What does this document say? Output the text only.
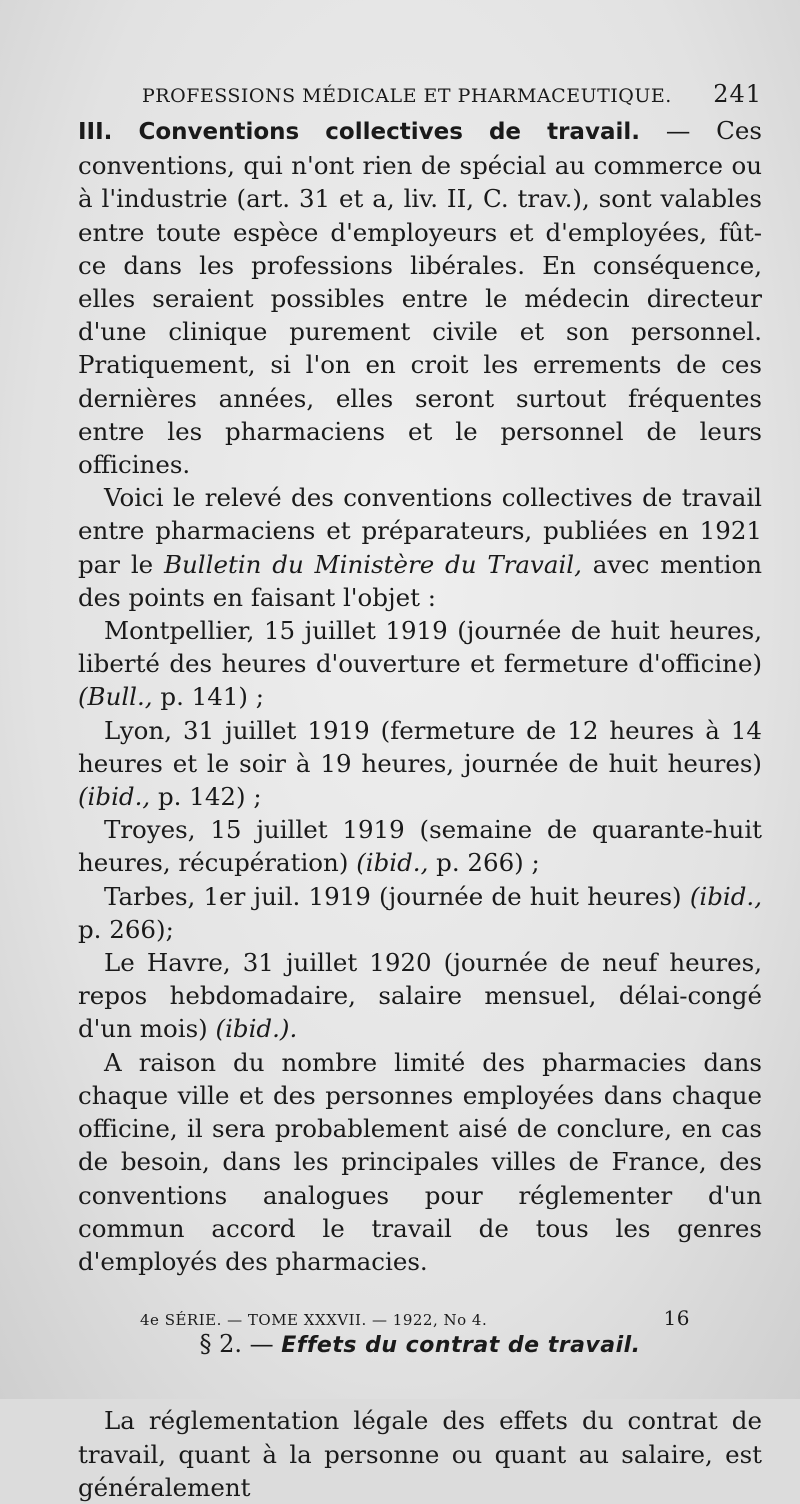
PROFESSIONS MÉDICALE ET PHARMACEUTIQUE. 241

III. Conventions collectives de travail. — Ces conventions, qui n'ont rien de spécial au commerce ou à l'industrie (art. 31 et a, liv. II, C. trav.), sont valables entre toute espèce d'employeurs et d'employées, fût-ce dans les professions libérales. En conséquence, elles seraient possibles entre le médecin directeur d'une clinique purement civile et son personnel. Pratiquement, si l'on en croit les errements de ces dernières années, elles seront surtout fréquentes entre les pharmaciens et le personnel de leurs officines.

Voici le relevé des conventions collectives de travail entre pharmaciens et préparateurs, publiées en 1921 par le Bulletin du Ministère du Travail, avec mention des points en faisant l'objet :

Montpellier, 15 juillet 1919 (journée de huit heures, liberté des heures d'ouverture et fermeture d'officine) (Bull., p. 141) ;

Lyon, 31 juillet 1919 (fermeture de 12 heures à 14 heures et le soir à 19 heures, journée de huit heures) (ibid., p. 142) ;

Troyes, 15 juillet 1919 (semaine de quarante-huit heures, récupération) (ibid., p. 266) ;

Tarbes, 1er juil. 1919 (journée de huit heures) (ibid., p. 266);

Le Havre, 31 juillet 1920 (journée de neuf heures, repos hebdomadaire, salaire mensuel, délai-congé d'un mois) (ibid.).

A raison du nombre limité des pharmacies dans chaque ville et des personnes employées dans chaque officine, il sera probablement aisé de conclure, en cas de besoin, dans les principales villes de France, des conventions analogues pour réglementer d'un commun accord le travail de tous les genres d'employés des pharmacies.

§ 2. — Effets du contrat de travail.

La réglementation légale des effets du contrat de travail, quant à la personne ou quant au salaire, est généralement

4e SÉRIE. — TOME XXXVII. — 1922, No 4.	16
